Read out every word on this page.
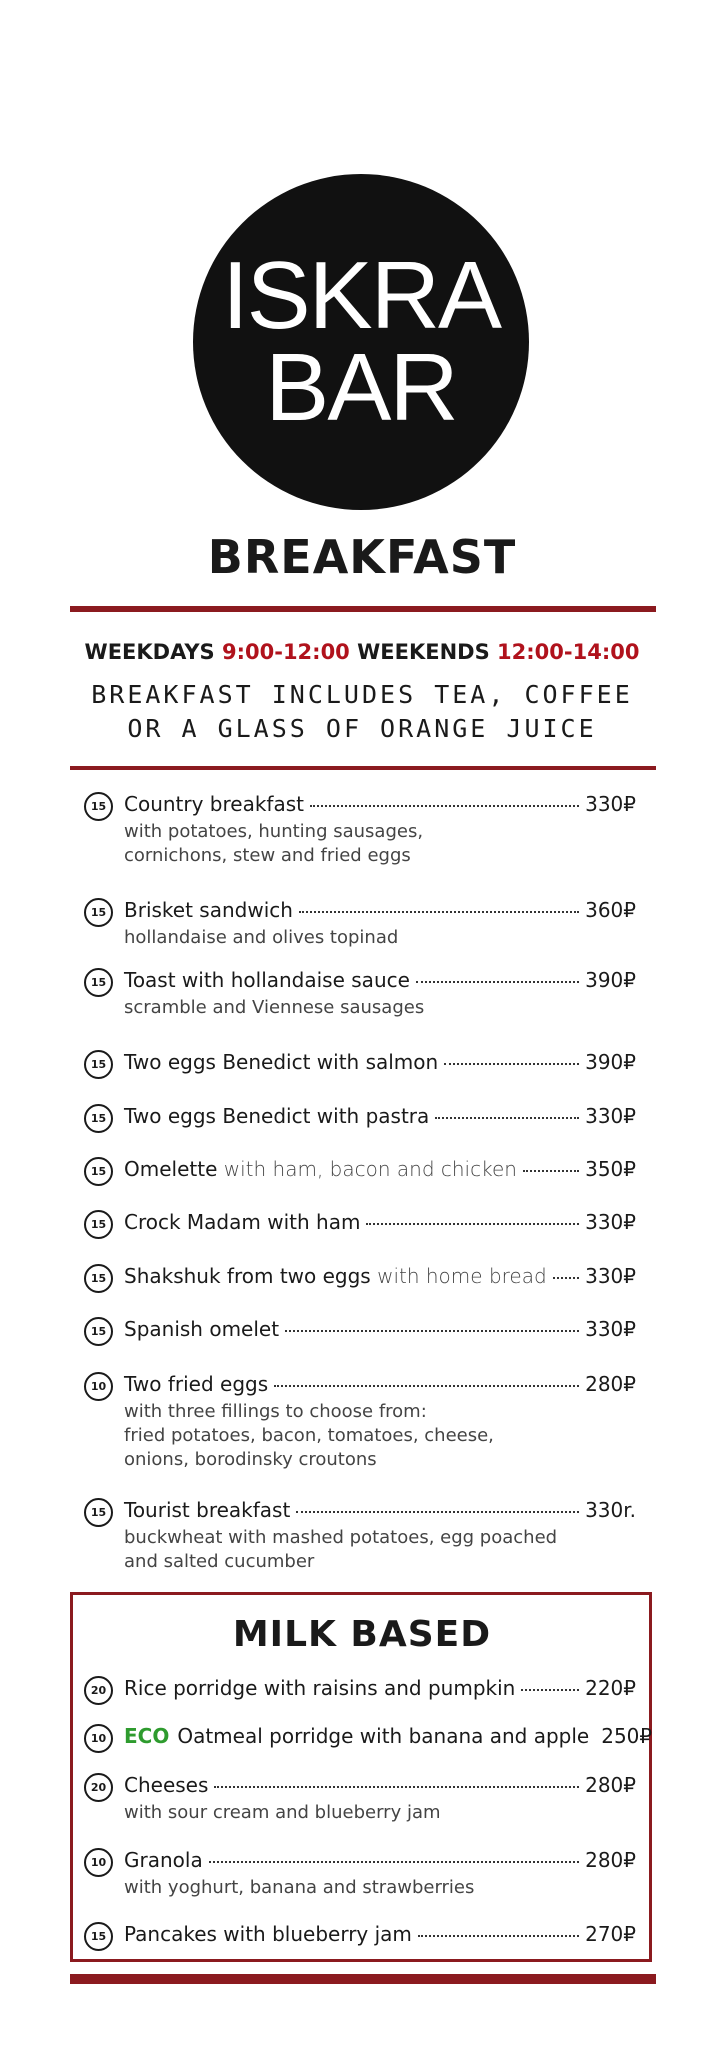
ISKRA
BAR
BREAKFAST
WEEKDAYS 9:00-12:00 WEEKENDS 12:00-14:00
BREAKFAST INCLUDES TEA, COFFEE
OR A GLASS OF ORANGE JUICE
15 Country breakfast	330₽
with potatoes, hunting sausages,
cornichons, stew and fried eggs
15 Brisket sandwich	360₽
hollandaise and olives topinad
15 Toast with hollandaise sauce	390₽
scramble and Viennese sausages
15 Two eggs Benedict with salmon	390₽
15 Two eggs Benedict with pastra	330₽
15 Omelette with ham, bacon and chicken	350₽
15 Crock Madam with ham	330₽
15 Shakshuk from two eggs with home bread 330₽
15 Spanish omelet	330₽
10 Two fried eggs	280₽
with three fillings to choose from:
fried potatoes, bacon, tomatoes, cheese,
onions, borodinsky croutons
15 Tourist breakfast	330r.
buckwheat with mashed potatoes, egg poached
and salted cucumber
MILK BASED
20 Rice porridge with raisins and pumpkin	220₽
10 ECO Oatmeal porridge with banana and apple 250₽
20 Cheeses	280₽
with sour cream and blueberry jam
10 Granola	280₽
with yoghurt, banana and strawberries
15 Pancakes with blueberry jam	270₽
